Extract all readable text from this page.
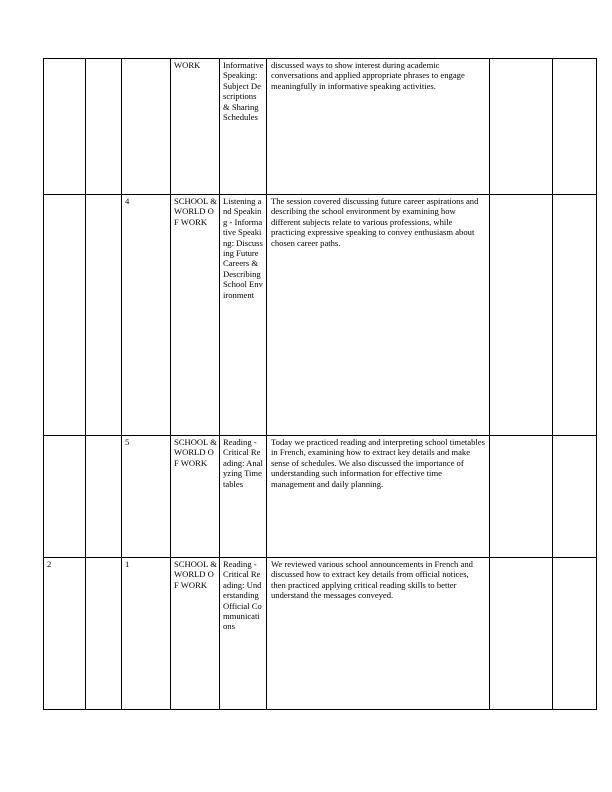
			WORK	Informative Speaking: Subject Descriptions & Sharing Schedules	discussed ways to show interest during academic conversations and applied appropriate phrases to engage meaningfully in informative speaking activities.		
		4	SCHOOL & WORLD OF WORK	Listening and Speaking - Informative Speaking: Discussing Future Careers & Describing School Environment	The session covered discussing future career aspirations and describing the school environment by examining how different subjects relate to various professions, while practicing expressive speaking to convey enthusiasm about chosen career paths.		
		5	SCHOOL & WORLD OF WORK	Reading - Critical Reading: Analyzing Timetables	Today we practiced reading and interpreting school timetables in French, examining how to extract key details and make sense of schedules. We also discussed the importance of understanding such information for effective time management and daily planning.		
2		1	SCHOOL & WORLD OF WORK	Reading - Critical Reading: Understanding Official Communications	We reviewed various school announcements in French and discussed how to extract key details from official notices, then practiced applying critical reading skills to better understand the messages conveyed.		
